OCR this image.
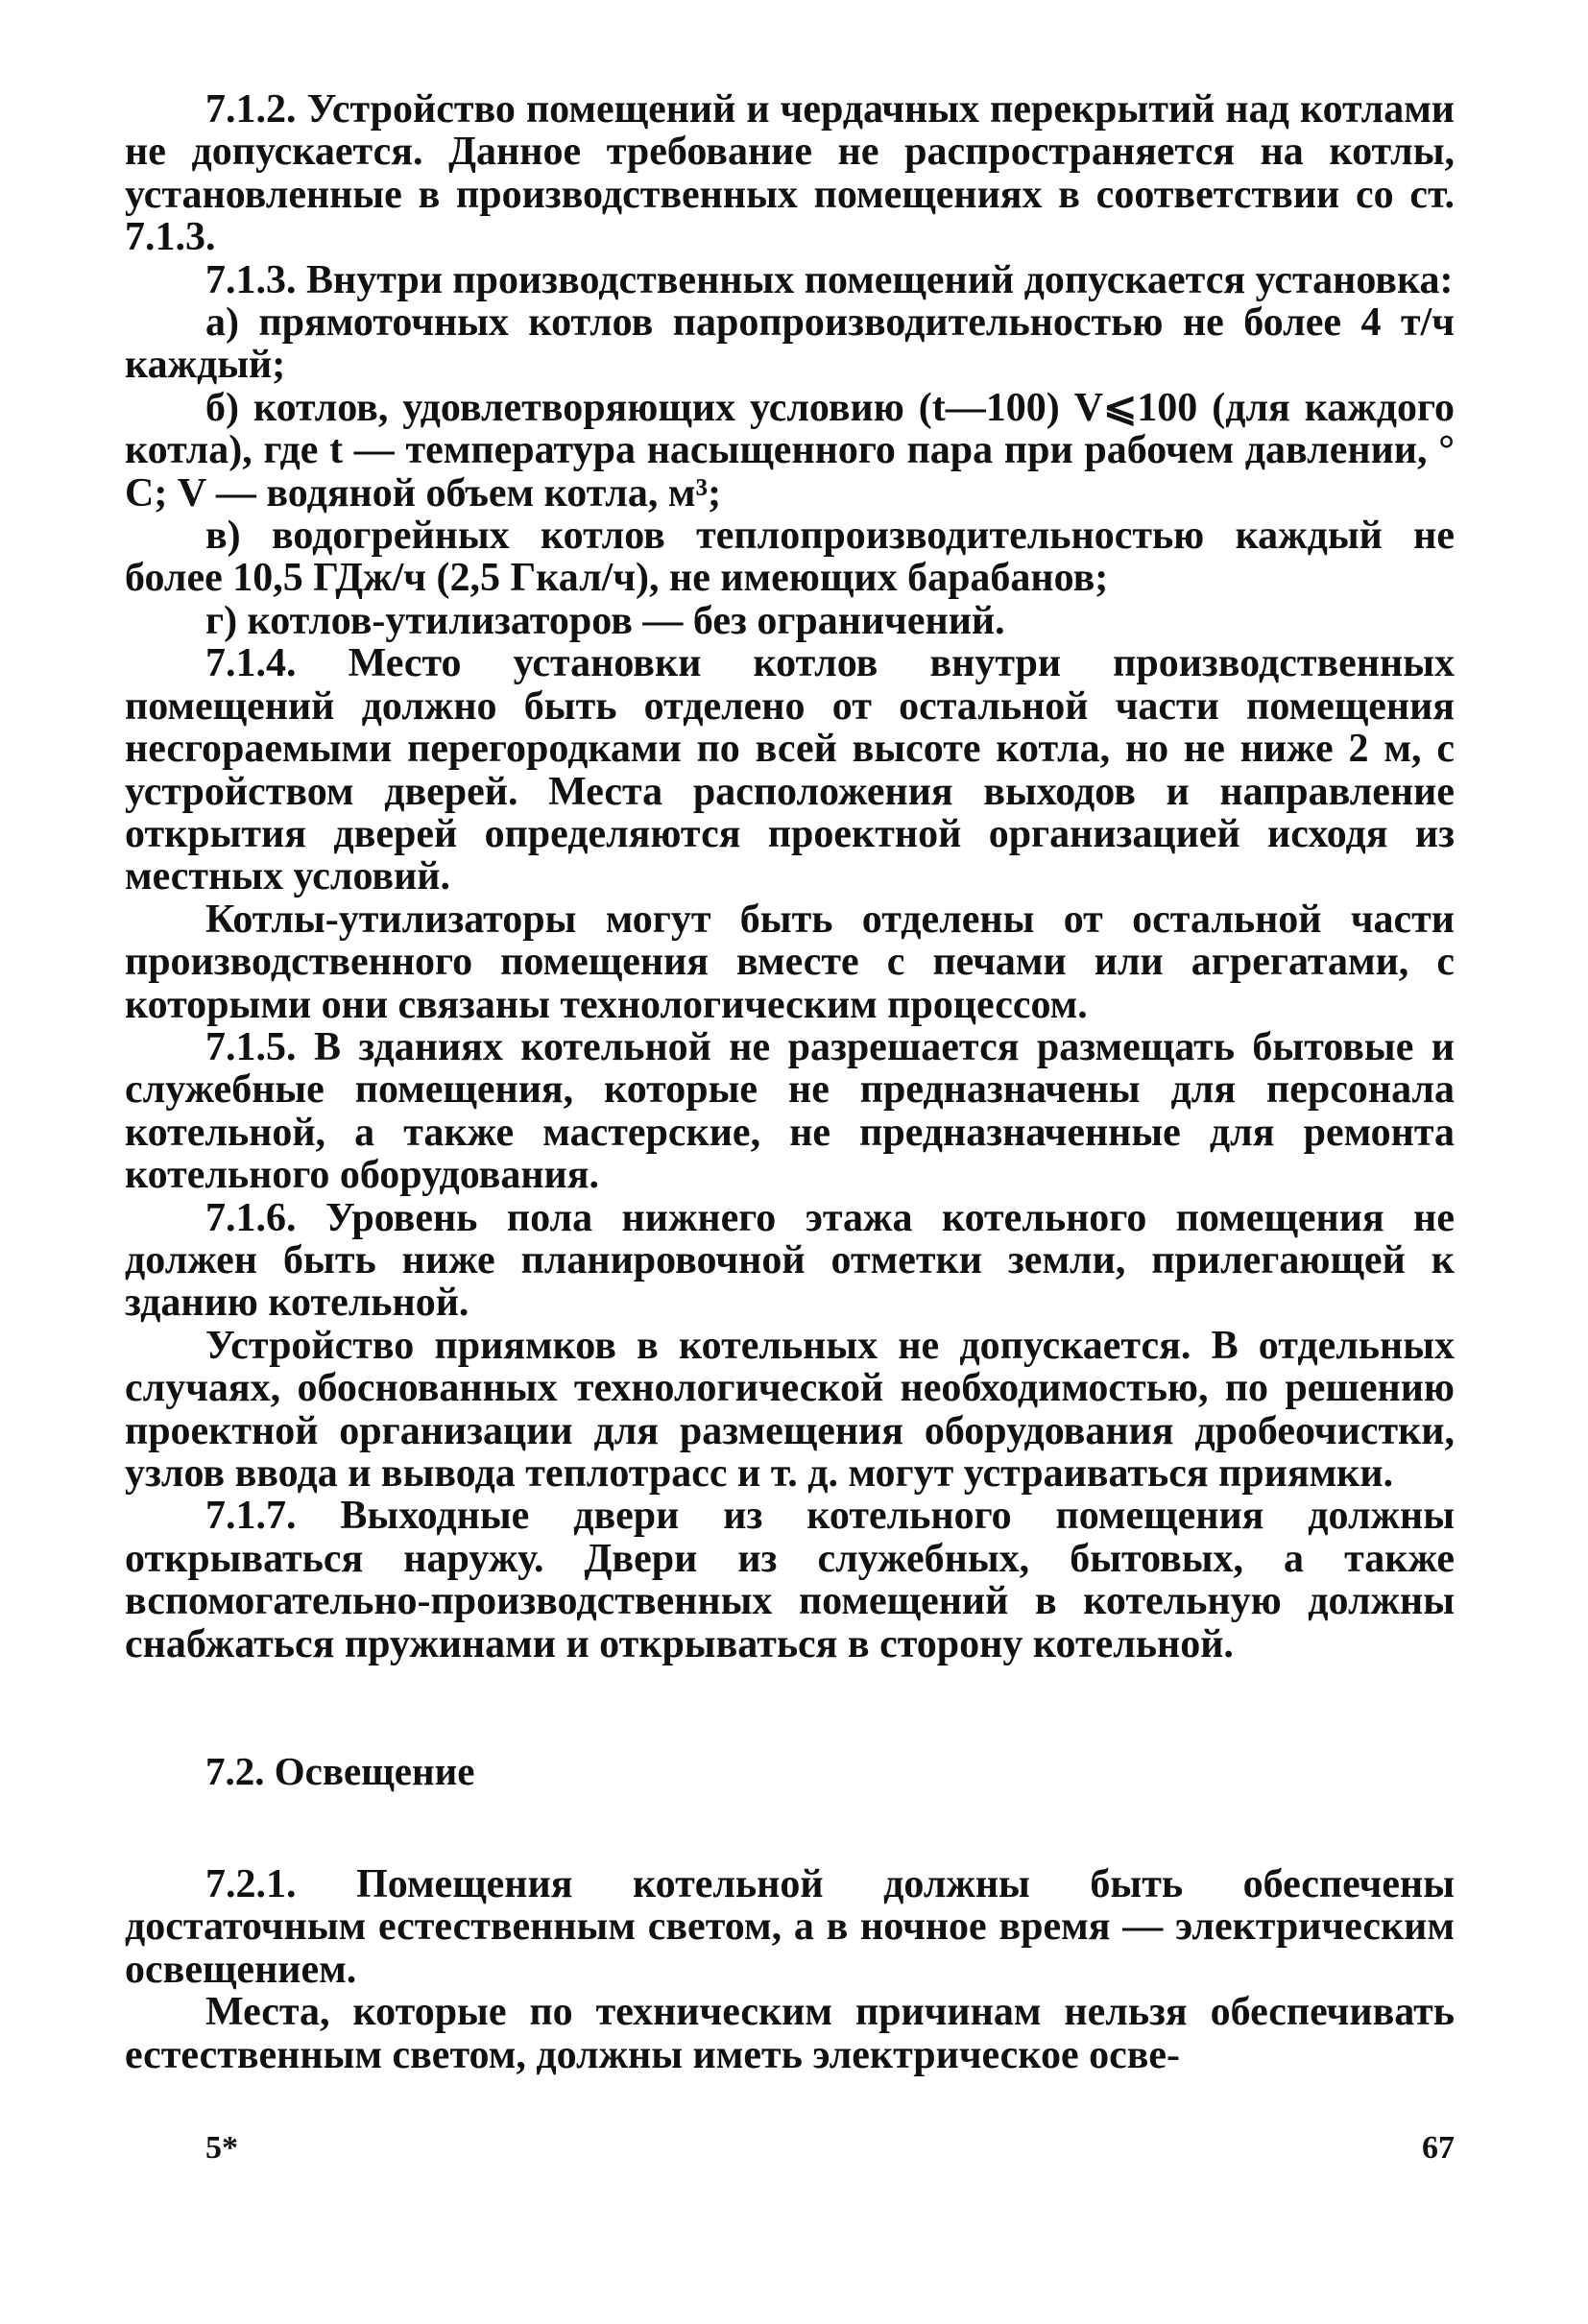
7.1.2. Устройство помещений и чердачных перекрытий над котлами не допускается. Данное требование не распространяется на котлы, установленные в производственных помещениях в соответствии со ст. 7.1.3.

7.1.3. Внутри производственных помещений допускается установка:

а) прямоточных котлов паропроизводительностью не более 4 т/ч каждый;

б) котлов, удовлетворяющих условию (t—100) V⩽100 (для каждого котла), где t — температура насыщенного пара при рабочем давлении, ° С; V — водяной объем котла, м³;

в) водогрейных котлов теплопроизводительностью каждый не более 10,5 ГДж/ч (2,5 Гкал/ч), не имеющих барабанов;

г) котлов-утилизаторов — без ограничений.

7.1.4. Место установки котлов внутри производственных помещений должно быть отделено от остальной части помещения несгораемыми перегородками по всей высоте котла, но не ниже 2 м, с устройством дверей. Места расположения выходов и направление открытия дверей определяются проектной организацией исходя из местных условий.

Котлы-утилизаторы могут быть отделены от остальной части производственного помещения вместе с печами или агрегатами, с которыми они связаны технологическим процессом.

7.1.5. В зданиях котельной не разрешается размещать бытовые и служебные помещения, которые не предназначены для персонала котельной, а также мастерские, не предназначенные для ремонта котельного оборудования.

7.1.6. Уровень пола нижнего этажа котельного помещения не должен быть ниже планировочной отметки земли, прилегающей к зданию котельной.

Устройство приямков в котельных не допускается. В отдельных случаях, обоснованных технологической необходимостью, по решению проектной организации для размещения оборудования дробеочистки, узлов ввода и вывода теплотрасс и т. д. могут устраиваться приямки.

7.1.7. Выходные двери из котельного помещения должны открываться наружу. Двери из служебных, бытовых, а также вспомогательно-производственных помещений в котельную должны снабжаться пружинами и открываться в сторону котельной.

7.2. Освещение

7.2.1. Помещения котельной должны быть обеспечены достаточным естественным светом, а в ночное время — электрическим освещением.

Места, которые по техническим причинам нельзя обеспечивать естественным светом, должны иметь электрическое осве-

5*	67
